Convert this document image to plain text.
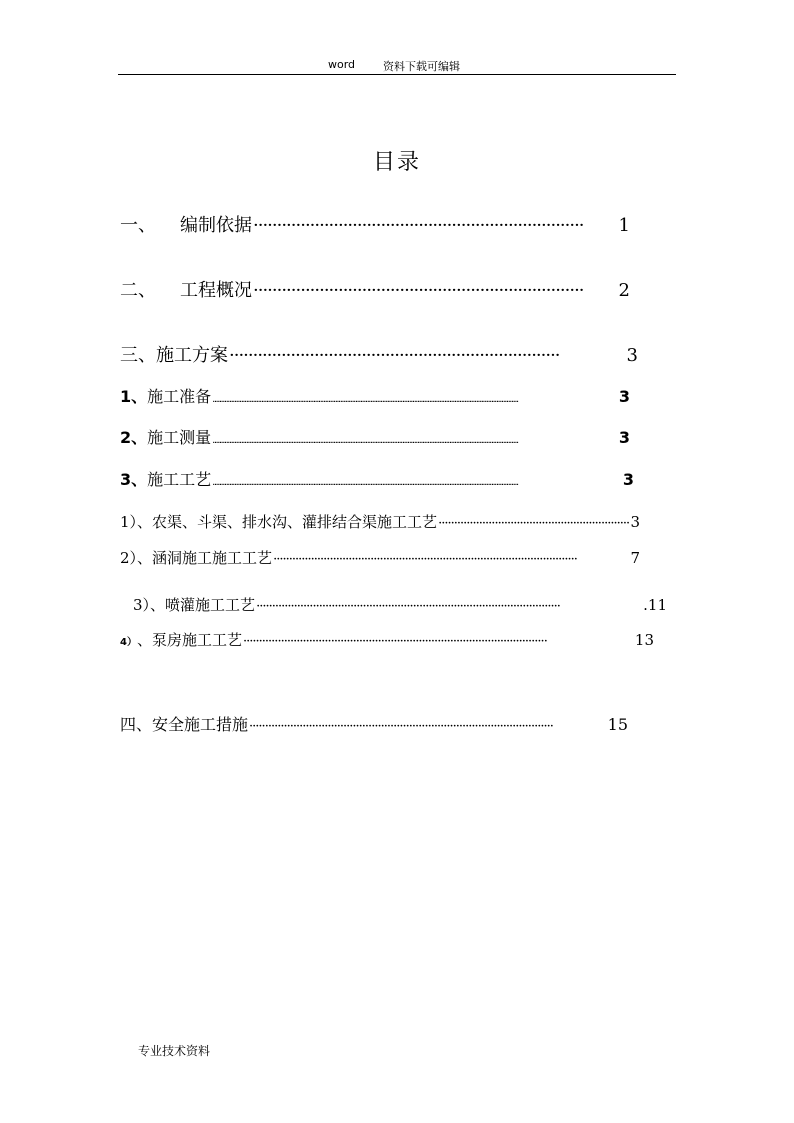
word	资料下载可编辑
目录
一、 编制依据 ······································································	1
二、 工程概况 ······································································	2
三、 施工方案 ······································································	3
1、 施工准备 ......................................................................................................................................................................................	3
2、 施工测量 ......................................................................................................................................................................................	3
3、 施工工艺 ......................................................................................................................................................................................	3
1）、 农渠、斗渠、排水沟、灌排结合渠施工工艺 ····························································· 3
2）、 涵洞施工施工工艺 ·································································································	7
3）、 喷灌施工工艺 ·································································································	.11
4） 、泵房施工工艺 ·································································································	13
四、 安全施工措施 ·································································································	15
专业技术资料
